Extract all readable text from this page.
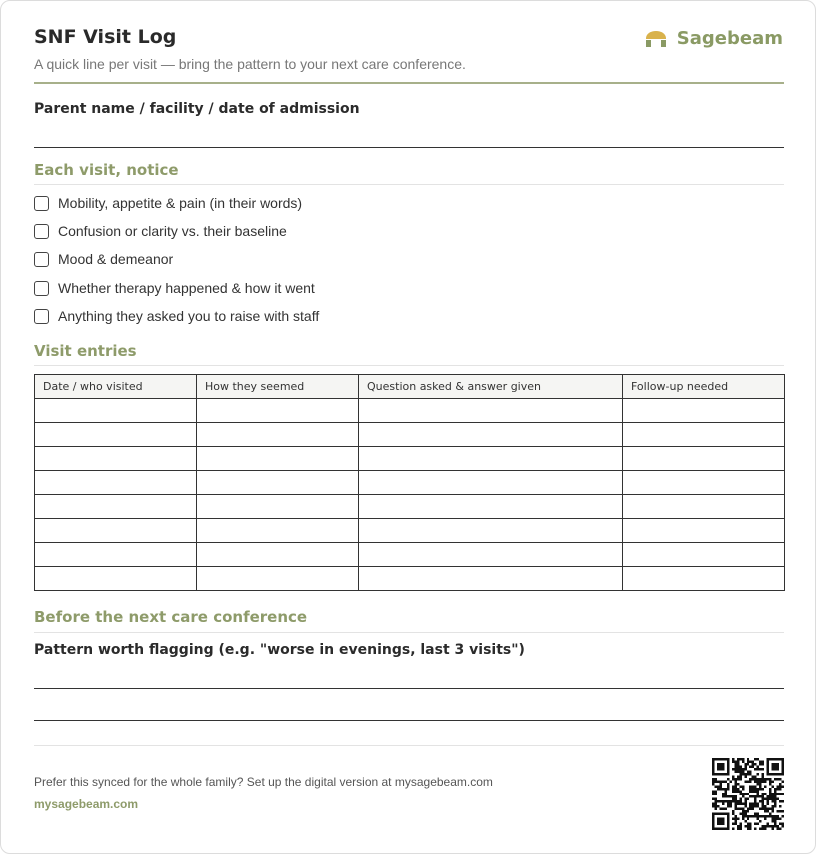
SNF Visit Log
A quick line per visit — bring the pattern to your next care conference.
Sagebeam
Parent name / facility / date of admission
Each visit, notice
Mobility, appetite & pain (in their words)
Confusion or clarity vs. their baseline
Mood & demeanor
Whether therapy happened & how it went
Anything they asked you to raise with staff
Visit entries
Date / who visited	How they seemed	Question asked & answer given	Follow-up needed

Before the next care conference
Pattern worth flagging (e.g. "worse in evenings, last 3 visits")
Prefer this synced for the whole family? Set up the digital version at mysagebeam.com
mysagebeam.com
